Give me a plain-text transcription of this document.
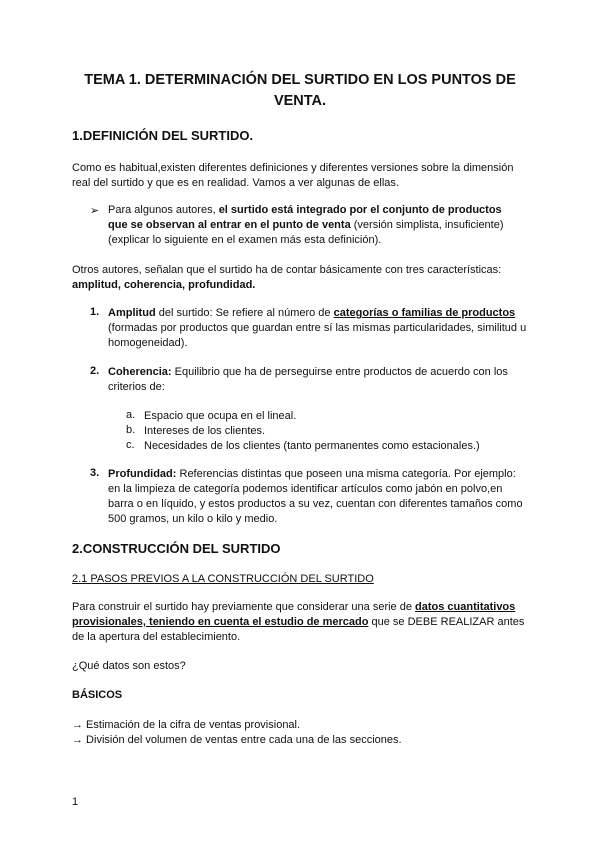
TEMA 1. DETERMINACIÓN DEL SURTIDO EN LOS PUNTOS DE VENTA.
1.DEFINICIÓN DEL SURTIDO.
Como es habitual,existen diferentes definiciones y diferentes versiones sobre la dimensión real del surtido y que es en realidad. Vamos a ver algunas de ellas.
➢ Para algunos autores, el surtido está integrado por el conjunto de productos que se observan al entrar en el punto de venta (versión simplista, insuficiente)(explicar lo siguiente en el examen más esta definición).
Otros autores, señalan que el surtido ha de contar básicamente con tres características: amplitud, coherencia, profundidad.
1. Amplitud del surtido: Se refiere al número de categorías o familias de productos (formadas por productos que guardan entre sí las mismas particularidades, similitud u homogeneidad).
2. Coherencia: Equilibrio que ha de perseguirse entre productos de acuerdo con los criterios de:
a. Espacio que ocupa en el lineal.
b. Intereses de los clientes.
c. Necesidades de los clientes (tanto permanentes como estacionales.)
3. Profundidad: Referencias distintas que poseen una misma categoría. Por ejemplo: en la limpieza de categoría podemos identificar artículos como jabón en polvo,en barra o en líquido, y estos productos a su vez, cuentan con diferentes tamaños como 500 gramos, un kilo o kilo y medio.
2.CONSTRUCCIÓN DEL SURTIDO
2.1 PASOS PREVIOS A LA CONSTRUCCIÓN DEL SURTIDO
Para construir el surtido hay previamente que considerar una serie de datos cuantitativos provisionales, teniendo en cuenta el estudio de mercado que se DEBE REALIZAR antes de la apertura del establecimiento.
¿Qué datos son estos?
BÁSICOS
→ Estimación de la cifra de ventas provisional.
→ División del volumen de ventas entre cada una de las secciones.
1
